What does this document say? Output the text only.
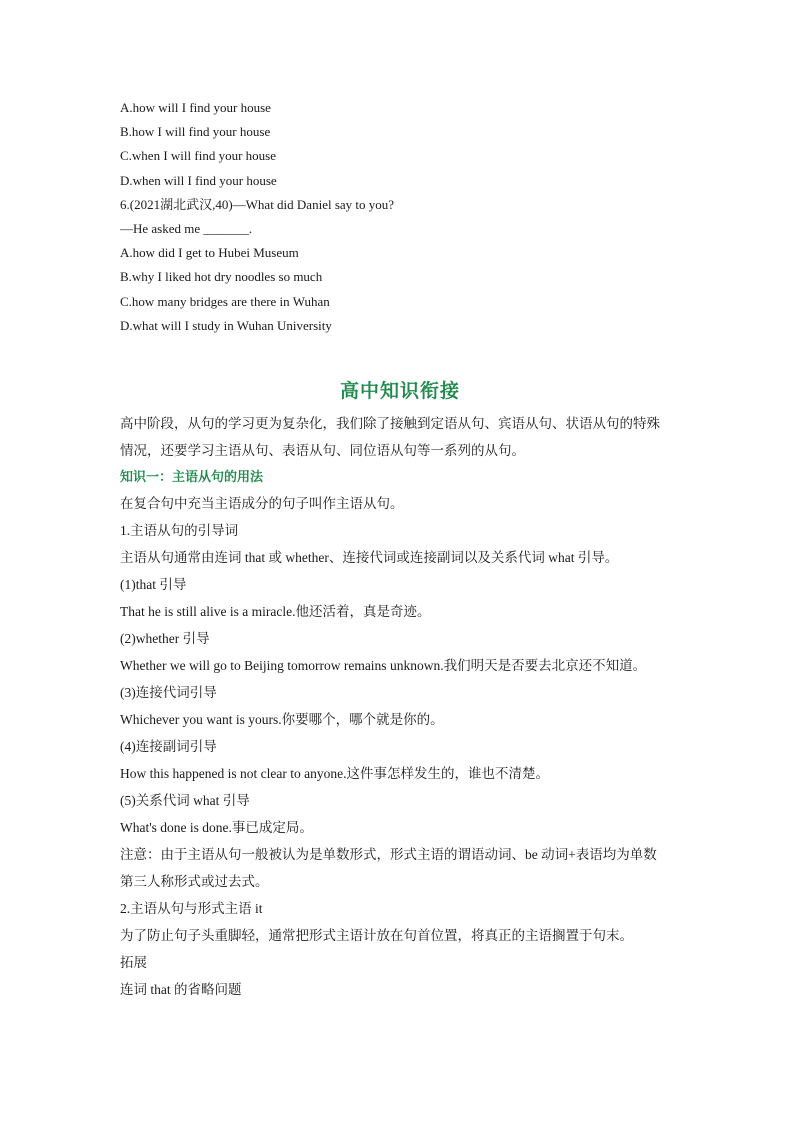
A.how will I find your house
B.how I will find your house
C.when I will find your house
D.when will I find your house
6.(2021湖北武汉,40)—What did Daniel say to you?
—He asked me _______.
A.how did I get to Hubei Museum
B.why I liked hot dry noodles so much
C.how many bridges are there in Wuhan
D.what will I study in Wuhan University
高中知识衔接
高中阶段，从句的学习更为复杂化，我们除了接触到定语从句、宾语从句、状语从句的特殊
情况，还要学习主语从句、表语从句、同位语从句等一系列的从句。
知识一：主语从句的用法
在复合句中充当主语成分的句子叫作主语从句。
1.主语从句的引导词
主语从句通常由连词 that 或 whether、连接代词或连接副词以及关系代词 what 引导。
(1)that 引导
That he is still alive is a miracle.他还活着，真是奇迹。
(2)whether 引导
Whether we will go to Beijing tomorrow remains unknown.我们明天是否要去北京还不知道。
(3)连接代词引导
Whichever you want is yours.你要哪个，哪个就是你的。
(4)连接副词引导
How this happened is not clear to anyone.这件事怎样发生的，谁也不清楚。
(5)关系代词 what 引导
What's done is done.事已成定局。
注意：由于主语从句一般被认为是单数形式，形式主语的谓语动词、be 动词+表语均为单数
第三人称形式或过去式。
2.主语从句与形式主语 it
为了防止句子头重脚轻，通常把形式主语计放在句首位置，将真正的主语搁置于句末。
拓展
连词 that 的省略问题
